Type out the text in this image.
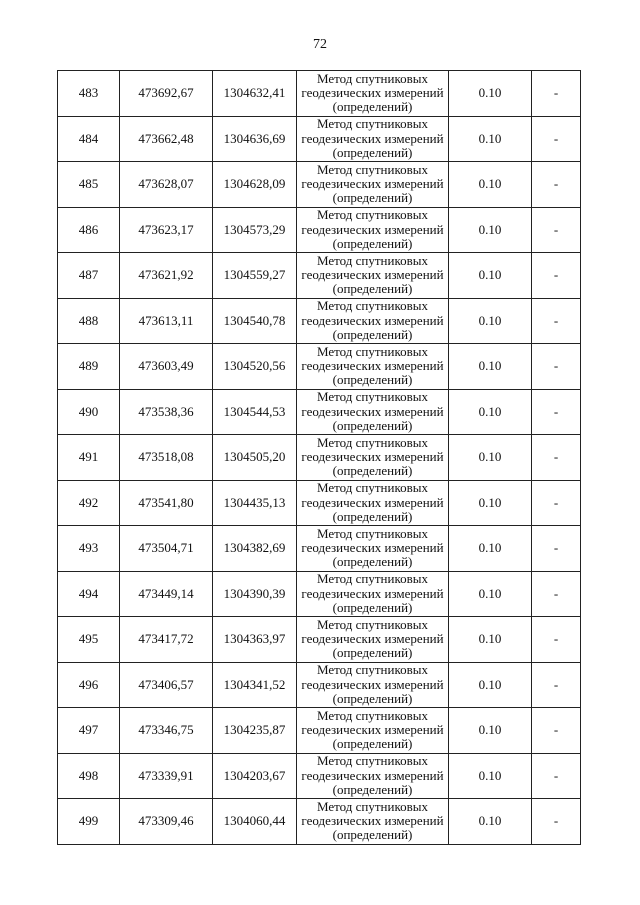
72
483	473692,67	1304632,41	Метод спутниковых
геодезических измерений
(определений)	0.10	-

484	473662,48	1304636,69	Метод спутниковых
геодезических измерений
(определений)	0.10	-

485	473628,07	1304628,09	Метод спутниковых
геодезических измерений
(определений)	0.10	-

486	473623,17	1304573,29	Метод спутниковых
геодезических измерений
(определений)	0.10	-

487	473621,92	1304559,27	Метод спутниковых
геодезических измерений
(определений)	0.10	-

488	473613,11	1304540,78	Метод спутниковых
геодезических измерений
(определений)	0.10	-

489	473603,49	1304520,56	Метод спутниковых
геодезических измерений
(определений)	0.10	-

490	473538,36	1304544,53	Метод спутниковых
геодезических измерений
(определений)	0.10	-

491	473518,08	1304505,20	Метод спутниковых
геодезических измерений
(определений)	0.10	-

492	473541,80	1304435,13	Метод спутниковых
геодезических измерений
(определений)	0.10	-

493	473504,71	1304382,69	Метод спутниковых
геодезических измерений
(определений)	0.10	-

494	473449,14	1304390,39	Метод спутниковых
геодезических измерений
(определений)	0.10	-

495	473417,72	1304363,97	Метод спутниковых
геодезических измерений
(определений)	0.10	-

496	473406,57	1304341,52	Метод спутниковых
геодезических измерений
(определений)	0.10	-

497	473346,75	1304235,87	Метод спутниковых
геодезических измерений
(определений)	0.10	-

498	473339,91	1304203,67	Метод спутниковых
геодезических измерений
(определений)	0.10	-

499	473309,46	1304060,44	Метод спутниковых
геодезических измерений
(определений)	0.10	-
